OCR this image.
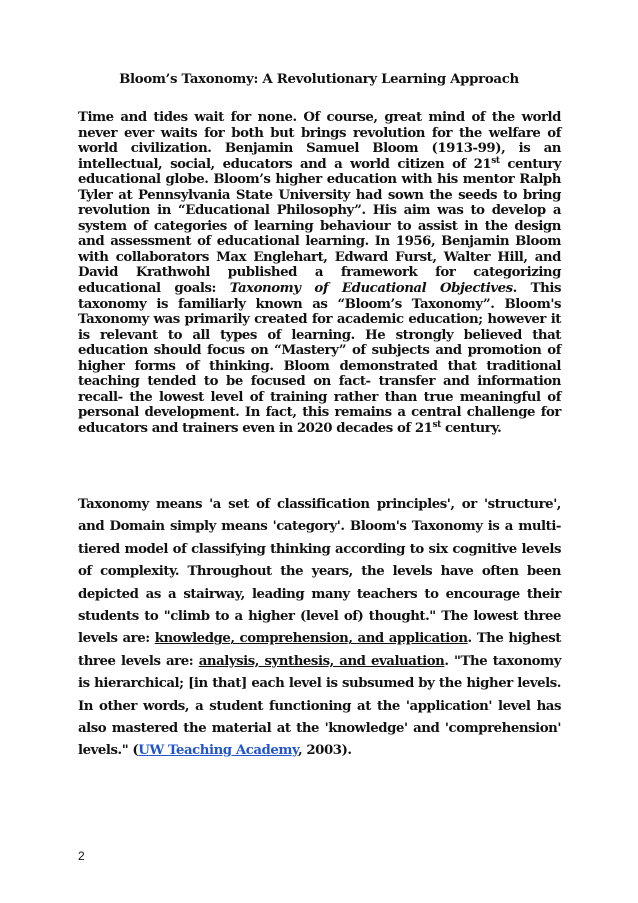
Bloom’s Taxonomy: A Revolutionary Learning Approach

Time and tides wait for none. Of course, great mind of the world never ever waits for both but brings revolution for the welfare of world civilization. Benjamin Samuel Bloom (1913-99), is an intellectual, social, educators and a world citizen of 21st century educational globe. Bloom’s higher education with his mentor Ralph Tyler at Pennsylvania State University had sown the seeds to bring revolution in “Educational Philosophy”. His aim was to develop a system of categories of learning behaviour to assist in the design and assessment of educational learning. In 1956, Benjamin Bloom with collaborators Max Englehart, Edward Furst, Walter Hill, and David Krathwohl published a framework for categorizing educational goals: Taxonomy of Educational Objectives. This taxonomy is familiarly known as “Bloom’s Taxonomy”. Bloom's Taxonomy was primarily created for academic education; however it is relevant to all types of learning. He strongly believed that education should focus on “Mastery” of subjects and promotion of higher forms of thinking. Bloom demonstrated that traditional teaching tended to be focused on fact- transfer and information recall- the lowest level of training rather than true meaningful of personal development. In fact, this remains a central challenge for educators and trainers even in 2020 decades of 21st century.

Taxonomy means 'a set of classification principles', or 'structure', and Domain simply means 'category'. Bloom's Taxonomy is a multi-tiered model of classifying thinking according to six cognitive levels of complexity. Throughout the years, the levels have often been depicted as a stairway, leading many teachers to encourage their students to "climb to a higher (level of) thought." The lowest three levels are: knowledge, comprehension, and application. The highest three levels are: analysis, synthesis, and evaluation. "The taxonomy is hierarchical; [in that] each level is subsumed by the higher levels. In other words, a student functioning at the 'application' level has also mastered the material at the 'knowledge' and 'comprehension' levels." (UW Teaching Academy, 2003).

2
